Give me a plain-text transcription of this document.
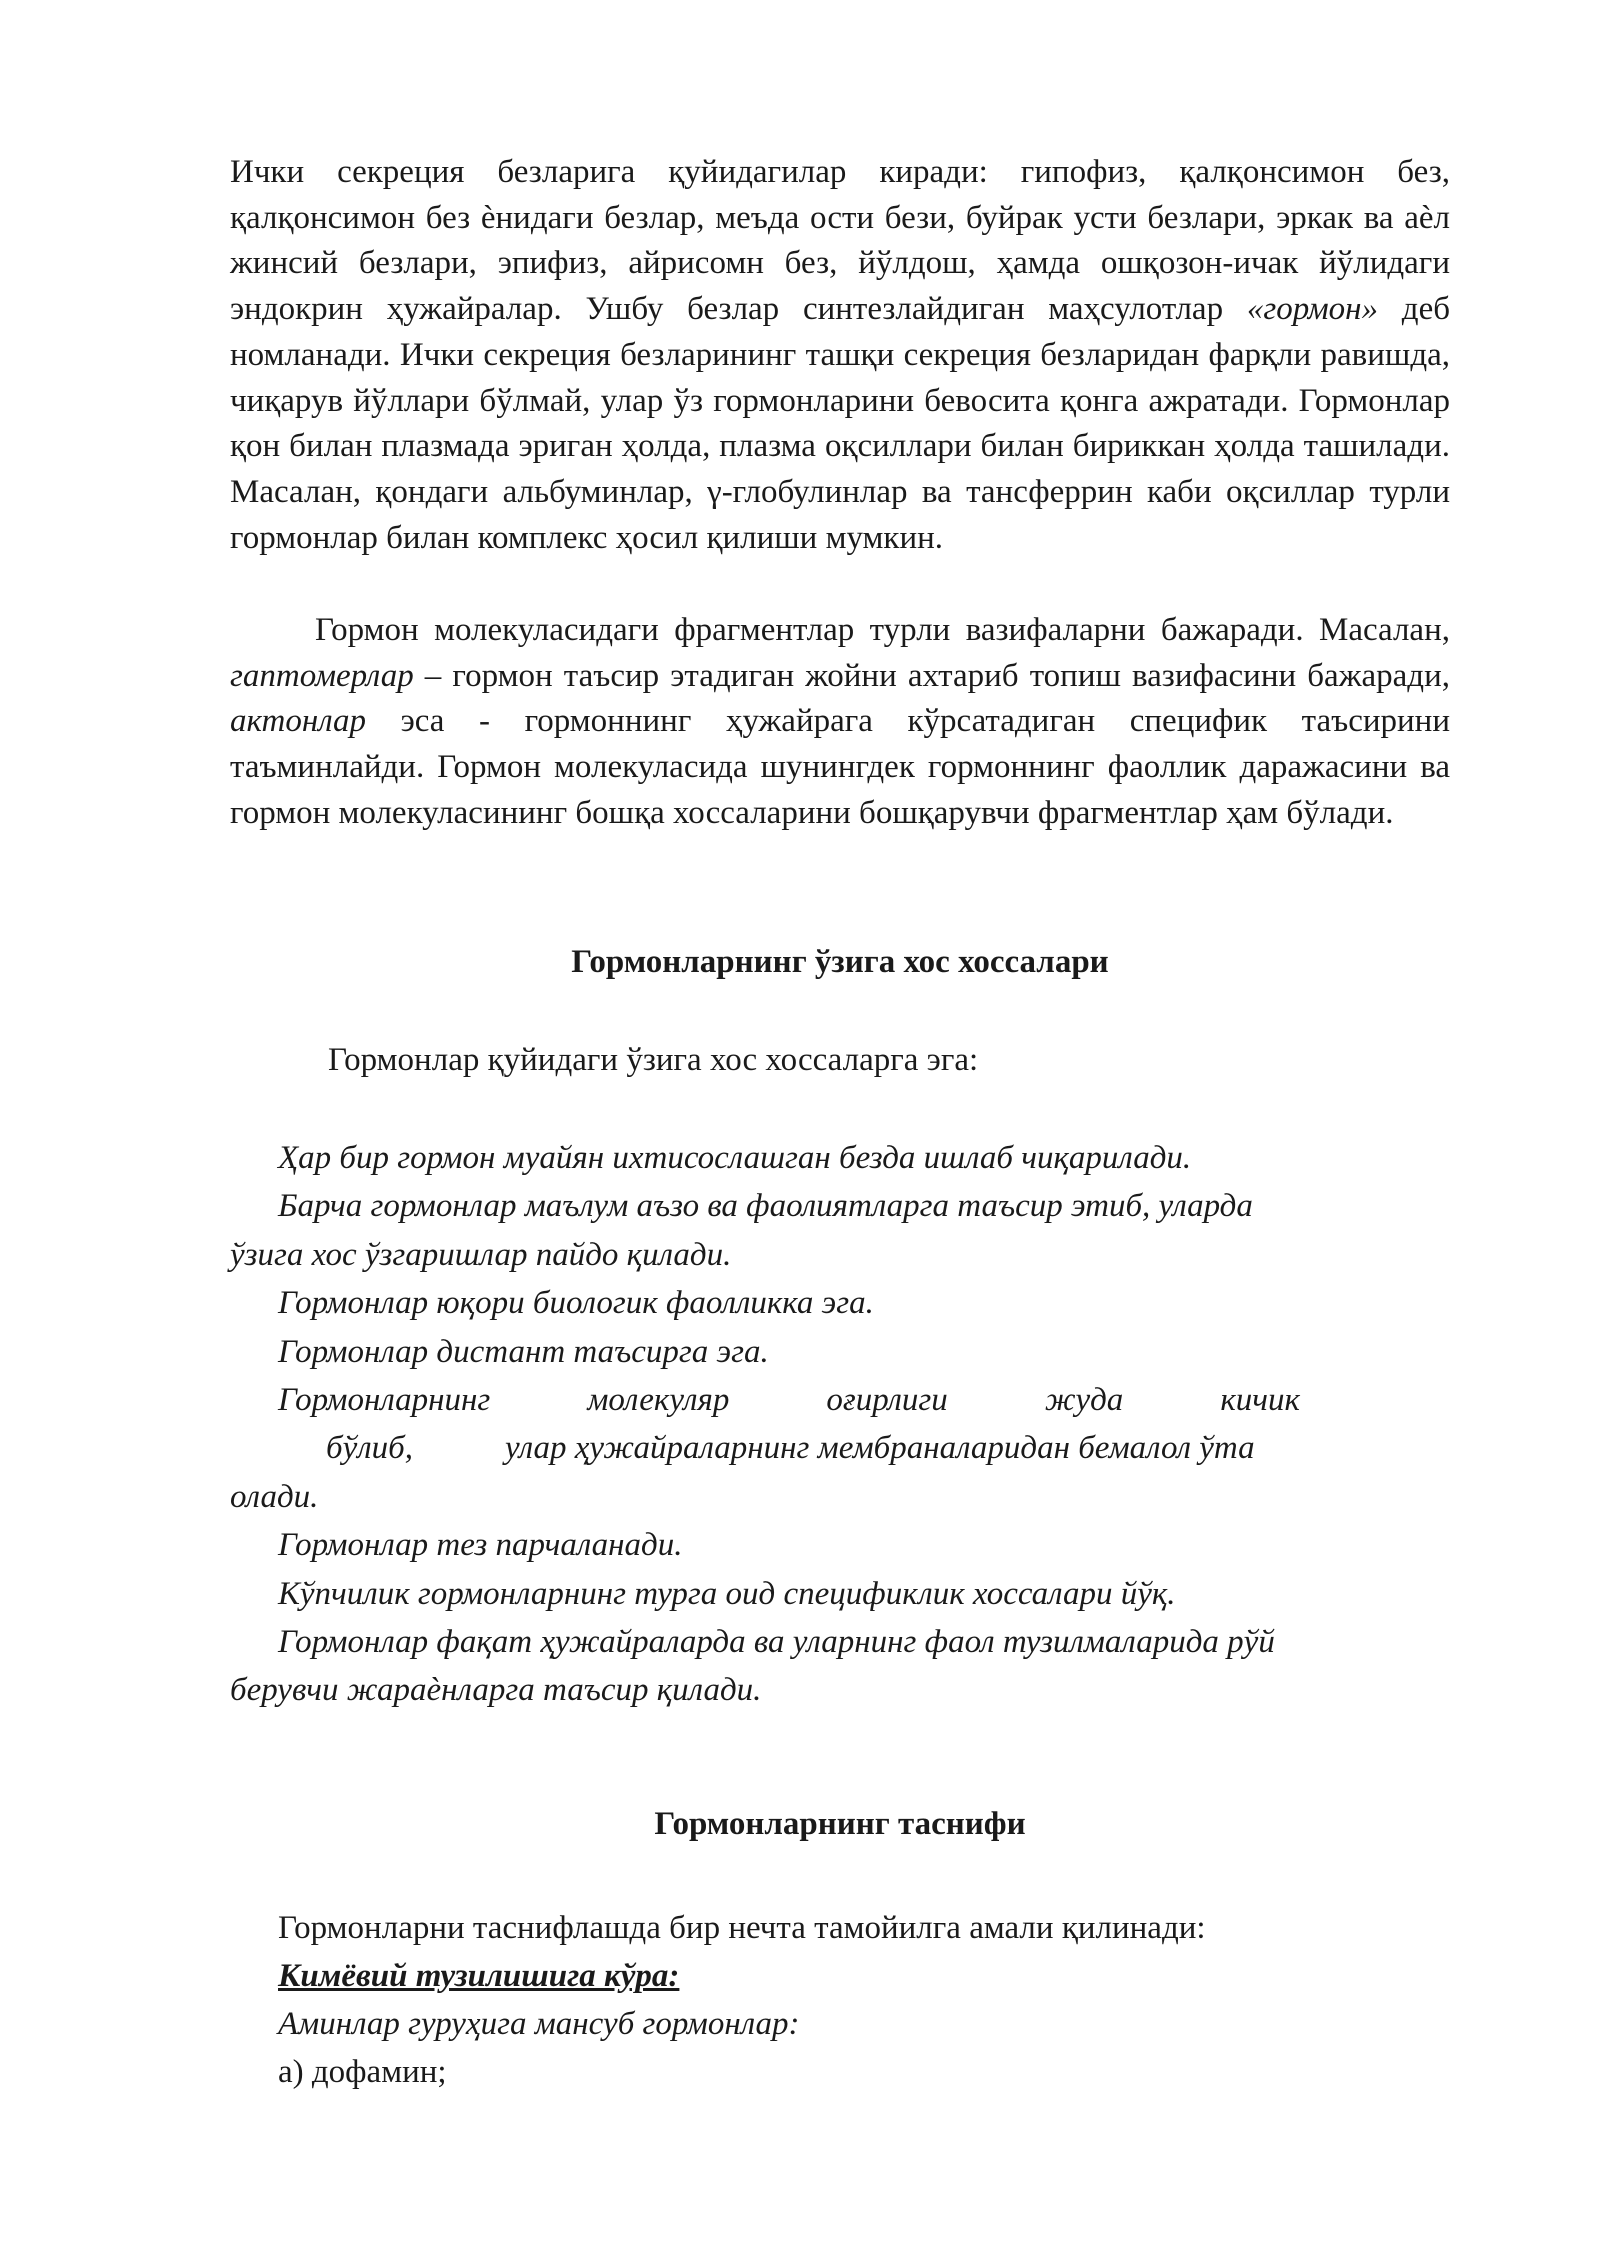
Ички секреция безларига қуйидагилар киради: гипофиз, қалқонсимон без, қалқонсимон без ѐнидаги безлар, меъда ости бези, буйрак усти безлари, эркак ва аѐл жинсий безлари, эпифиз, айрисомн без, йўлдош, ҳамда ошқозон-ичак йўлидаги эндокрин ҳужайралар. Ушбу безлар синтезлайдиган маҳсулотлар «гормон» деб номланади. Ички секреция безларининг ташқи секреция безларидан фарқли равишда, чиқарув йўллари бўлмай, улар ўз гормонларини бевосита қонга ажратади. Гормонлар қон билан плазмада эриган ҳолда, плазма оқсиллари билан бириккан ҳолда ташилади. Масалан, қондаги альбуминлар, γ-глобулинлар ва тансферрин каби оқсиллар турли гормонлар билан комплекс ҳосил қилиши мумкин.

Гормон молекуласидаги фрагментлар турли вазифаларни бажаради. Масалан, гаптомерлар – гормон таъсир этадиган жойни ахтариб топиш вазифасини бажаради, актонлар эса - гормоннинг ҳужайрага кўрсатадиган специфик таъсирини таъминлайди. Гормон молекуласида шунингдек гормоннинг фаоллик даражасини ва гормон молекуласининг бошқа хоссаларини бошқарувчи фрагментлар ҳам бўлади.

Гормонларнинг ўзига хос хоссалари
Гормонлар қуйидаги ўзига хос хоссаларга эга:
Ҳар бир гормон муайян ихтисослашган безда ишлаб чиқарилади.
Барча гормонлар маълум аъзо ва фаолиятларга таъсир этиб, уларда
ўзига хос ўзгаришлар пайдо қилади.
Гормонлар юқори биологик фаолликка эга.
Гормонлар дистант таъсирга эга.
Гормонларнинг	молекуляр	оғирлиги	жуда	кичик
бўлиб,	улар ҳужайраларнинг мембраналаридан бемалол ўта
олади.
Гормонлар тез парчаланади.
Кўпчилик гормонларнинг турга оид спецификлик хоссалари йўқ.
Гормонлар фақат ҳужайраларда ва уларнинг фаол тузилмаларида рўй
берувчи жараѐнларга таъсир қилади.
Гормонларнинг таснифи
Гормонларни таснифлашда бир нечта тамойилга амали қилинади:
Кимёвий тузилишига кўра:
Аминлар гуруҳига мансуб гормонлар:
а) дофамин;
